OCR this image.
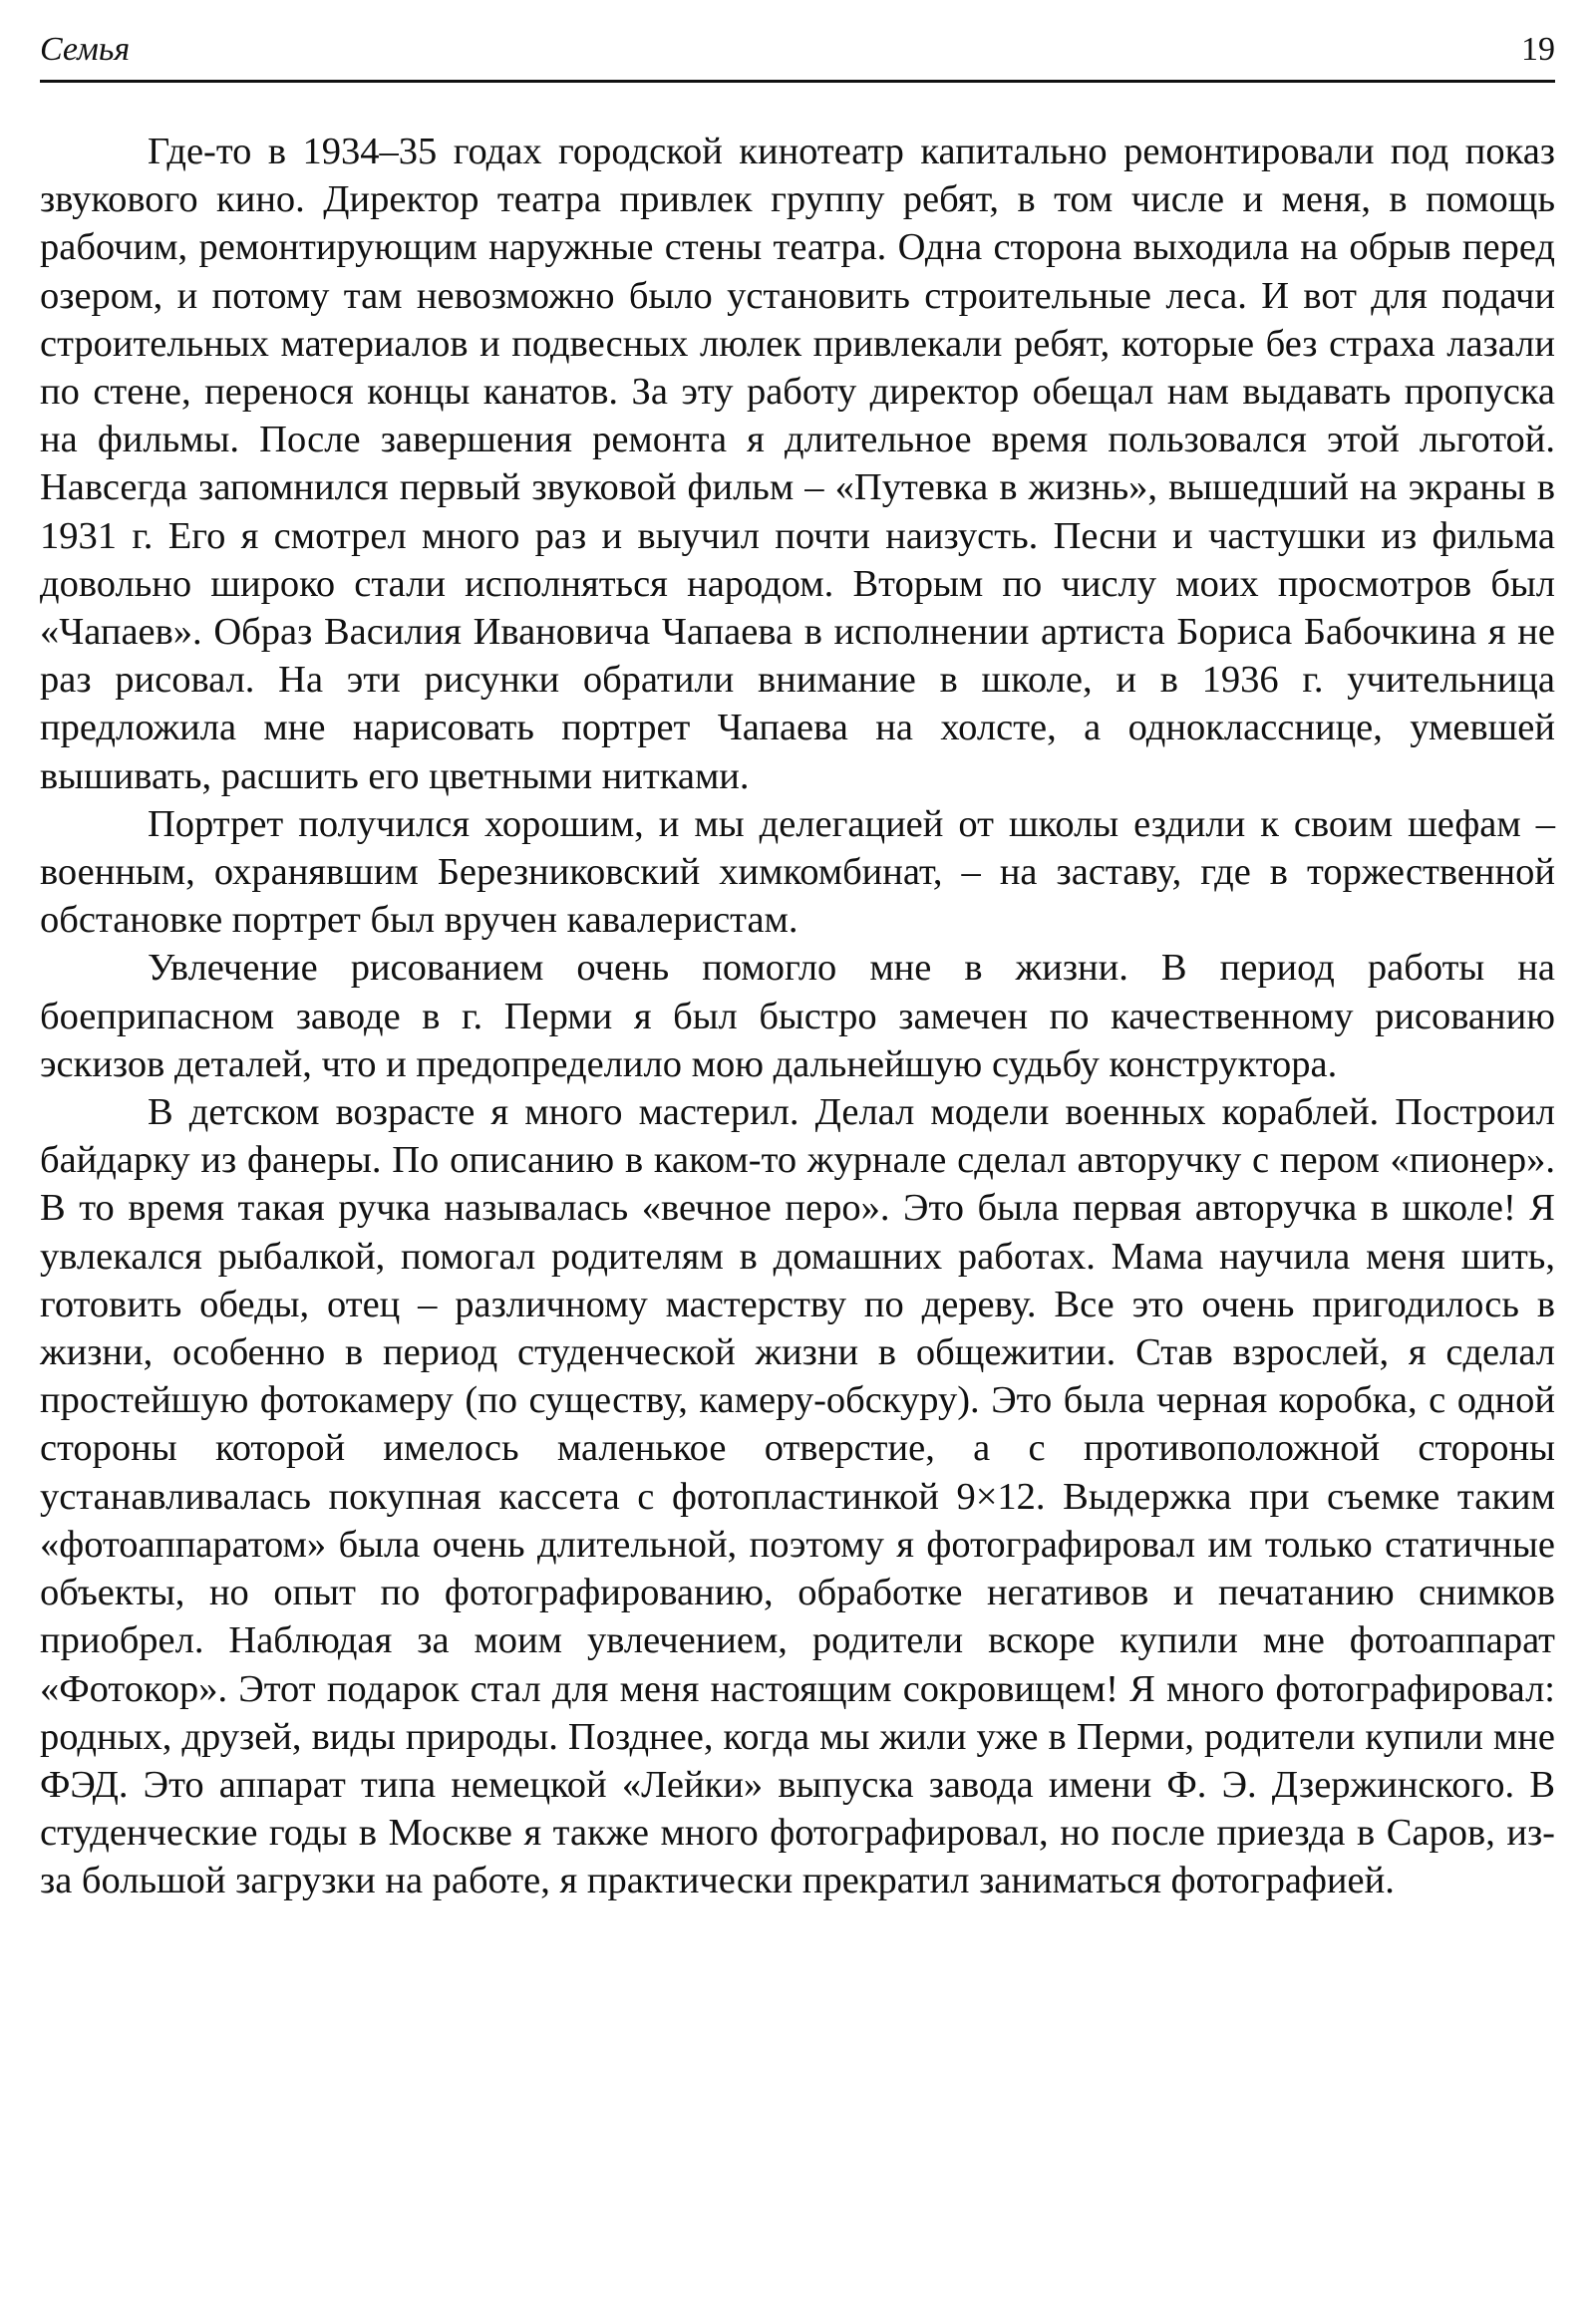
Семья	19

Где-то в 1934–35 годах городской кинотеатр капитально ремонтировали под показ звукового кино. Директор театра привлек группу ребят, в том числе и меня, в помощь рабочим, ремонтирующим наружные стены театра. Одна сторона выходила на обрыв перед озером, и потому там невозможно было установить строительные леса. И вот для подачи строительных материалов и подвесных люлек привлекали ребят, которые без страха лазали по стене, перенося концы канатов. За эту работу директор обещал нам выдавать пропуска на фильмы. После завершения ремонта я длительное время пользовался этой льготой. Навсегда запомнился первый звуковой фильм – «Путевка в жизнь», вышедший на экраны в 1931 г. Его я смотрел много раз и выучил почти наизусть. Песни и частушки из фильма довольно широко стали исполняться народом. Вторым по числу моих просмотров был «Чапаев». Образ Василия Ивановича Чапаева в исполнении артиста Бориса Бабочкина я не раз рисовал. На эти рисунки обратили внимание в школе, и в 1936 г. учительница предложила мне нарисовать портрет Чапаева на холсте, а однокласснице, умевшей вышивать, расшить его цветными нитками.

Портрет получился хорошим, и мы делегацией от школы ездили к своим шефам – военным, охранявшим Березниковский химкомбинат, – на заставу, где в торжественной обстановке портрет был вручен кавалеристам.

Увлечение рисованием очень помогло мне в жизни. В период работы на боеприпасном заводе в г. Перми я был быстро замечен по качественному рисованию эскизов деталей, что и предопределило мою дальнейшую судьбу конструктора.

В детском возрасте я много мастерил. Делал модели военных кораблей. Построил байдарку из фанеры. По описанию в каком-то журнале сделал авторучку с пером «пионер». В то время такая ручка называлась «вечное перо». Это была первая авторучка в школе! Я увлекался рыбалкой, помогал родителям в домашних работах. Мама научила меня шить, готовить обеды, отец – различному мастерству по дереву. Все это очень пригодилось в жизни, особенно в период студенческой жизни в общежитии. Став взрослей, я сделал простейшую фотокамеру (по существу, камеру-обскуру). Это была черная коробка, с одной стороны которой имелось маленькое отверстие, а с противоположной стороны устанавливалась покупная кассета с фотопластинкой 9×12. Выдержка при съемке таким «фотоаппаратом» была очень длительной, поэтому я фотографировал им только статичные объекты, но опыт по фотографированию, обработке негативов и печатанию снимков приобрел. Наблюдая за моим увлечением, родители вскоре купили мне фотоаппарат «Фотокор». Этот подарок стал для меня настоящим сокровищем! Я много фотографировал: родных, друзей, виды природы. Позднее, когда мы жили уже в Перми, родители купили мне ФЭД. Это аппарат типа немецкой «Лейки» выпуска завода имени Ф. Э. Дзержинского. В студенческие годы в Москве я также много фотографировал, но после приезда в Саров, из-за большой загрузки на работе, я практически прекратил заниматься фотографией.
